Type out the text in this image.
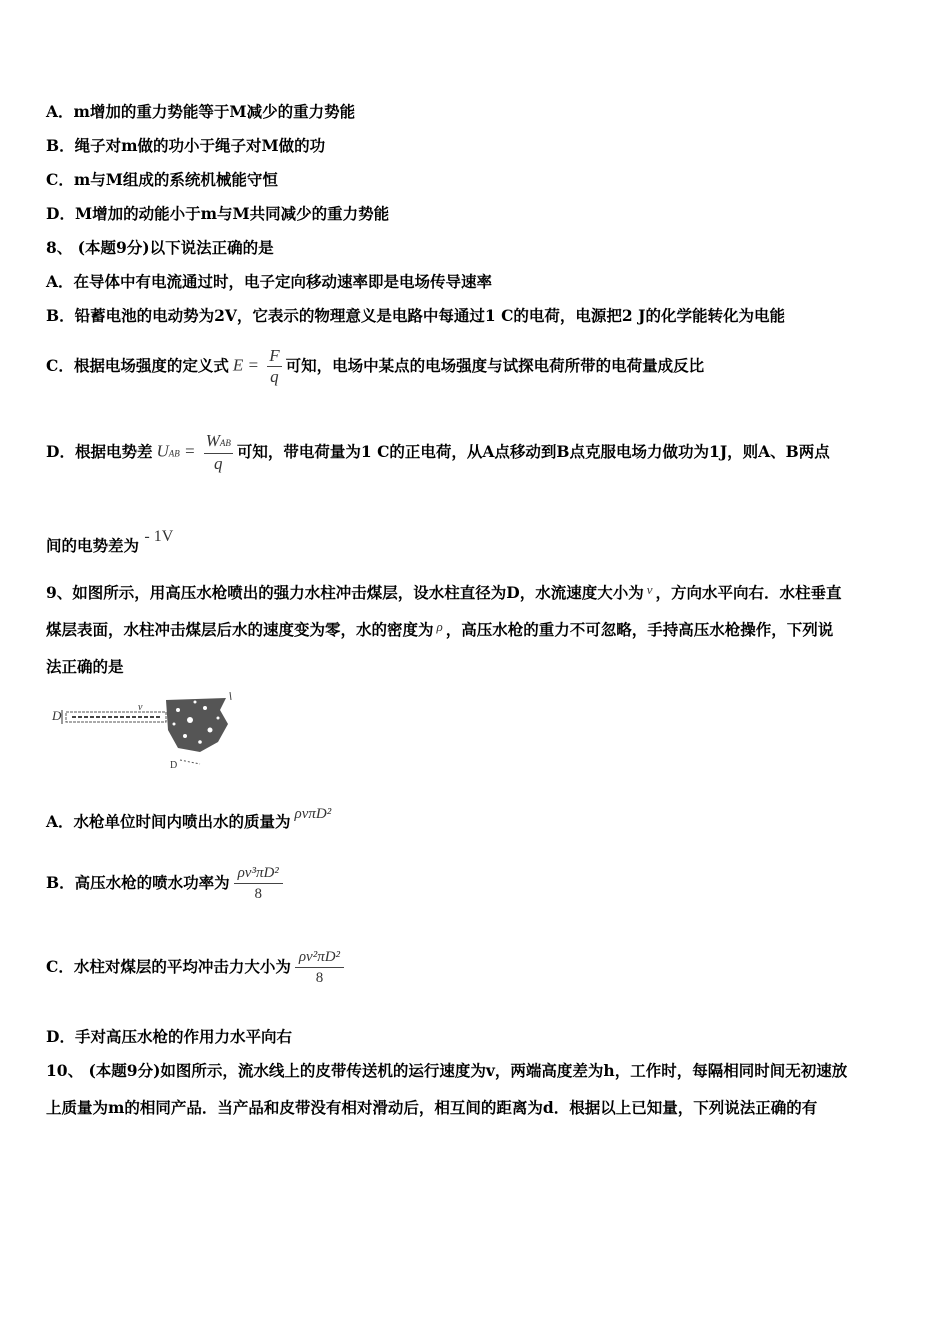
A．m增加的重力势能等于M减少的重力势能
B．绳子对m做的功小于绳子对M做的功
C．m与M组成的系统机械能守恒
D．M增加的动能小于m与M共同减少的重力势能
8、 (本题9分)以下说法正确的是
A．在导体中有电流通过时，电子定向移动速率即是电场传导速率
B．铅蓄电池的电动势为2V，它表示的物理意义是电路中每通过1 C的电荷，电源把2 J的化学能转化为电能
C．根据电场强度的定义式 $E = \frac{F}{q}$ 可知，电场中某点的电场强度与试探电荷所带的电荷量成反比
D．根据电势差 UAB = $\frac{\text{WAB}}{q}$ 可知，带电荷量为1 C的正电荷，从A点移动到B点克服电场力做功为1J，则A、B两点
间的电势差为 - 1V
9、如图所示，用高压水枪喷出的强力水柱冲击煤层，设水柱直径为D，水流速度大小为 $^v$ ，方向水平向右．水柱垂直
煤层表面，水柱冲击煤层后水的速度变为零，水的密度为 $^\rho$ ，高压水枪的重力不可忽略，手持高压水枪操作，下列说
法正确的是
D
v
D
A．水枪单位时间内喷出水的质量为 ρvπD²
B．高压水枪的喷水功率为 $\frac{\text{ρv³πD²}}{8}$
C．水柱对煤层的平均冲击力大小为 $\frac{\text{ρv²πD²}}{8}$
D．手对高压水枪的作用力水平向右
10、 (本题9分)如图所示，流水线上的皮带传送机的运行速度为v，两端高度差为h，工作时，每隔相同时间无初速放
上质量为m的相同产品．当产品和皮带没有相对滑动后，相互间的距离为d．根据以上已知量，下列说法正确的有
